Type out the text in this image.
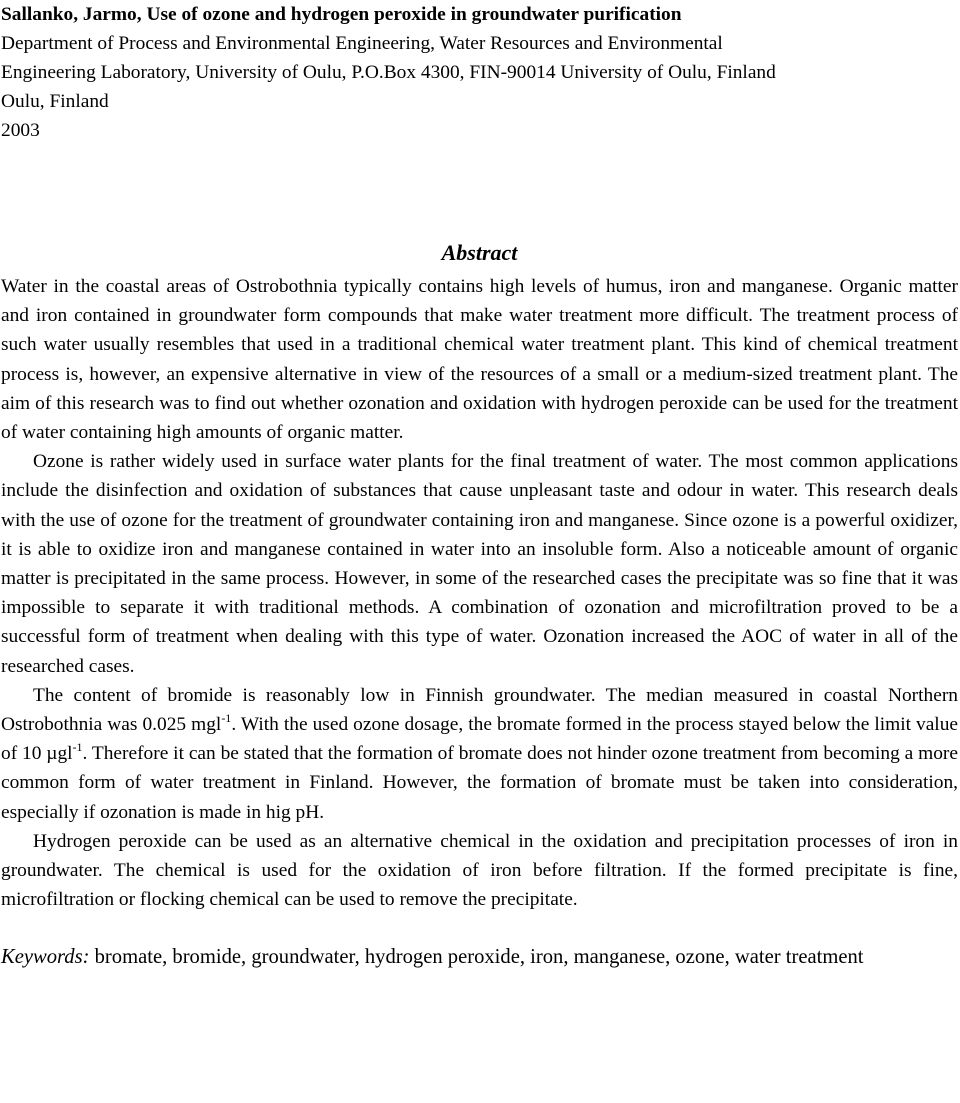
Sallanko, Jarmo, Use of ozone and hydrogen peroxide in groundwater purification
Department of Process and Environmental Engineering, Water Resources and Environmental
Engineering Laboratory, University of Oulu, P.O.Box 4300, FIN-90014 University of Oulu, Finland
Oulu, Finland
2003
Abstract

Water in the coastal areas of Ostrobothnia typically contains high levels of humus, iron and manganese. Organic matter and iron contained in groundwater form compounds that make water treatment more difficult. The treatment process of such water usually resembles that used in a traditional chemical water treatment plant. This kind of chemical treatment process is, however, an expensive alternative in view of the resources of a small or a medium-sized treatment plant. The aim of this research was to find out whether ozonation and oxidation with hydrogen peroxide can be used for the treatment of water containing high amounts of organic matter.

Ozone is rather widely used in surface water plants for the final treatment of water. The most common applications include the disinfection and oxidation of substances that cause unpleasant taste and odour in water. This research deals with the use of ozone for the treatment of groundwater containing iron and manganese. Since ozone is a powerful oxidizer, it is able to oxidize iron and manganese contained in water into an insoluble form. Also a noticeable amount of organic matter is precipitated in the same process. However, in some of the researched cases the precipitate was so fine that it was impossible to separate it with traditional methods. A combination of ozonation and microfiltration proved to be a successful form of treatment when dealing with this type of water. Ozonation increased the AOC of water in all of the researched cases.

The content of bromide is reasonably low in Finnish groundwater. The median measured in coastal Northern Ostrobothnia was 0.025 mgl$^{-1}$. With the used ozone dosage, the bromate formed in the process stayed below the limit value of 10 µgl$^{-1}$. Therefore it can be stated that the formation of bromate does not hinder ozone treatment from becoming a more common form of water treatment in Finland. However, the formation of bromate must be taken into consideration, especially if ozonation is made in hig pH.

Hydrogen peroxide can be used as an alternative chemical in the oxidation and precipitation processes of iron in groundwater. The chemical is used for the oxidation of iron before filtration. If the formed precipitate is fine, microfiltration or flocking chemical can be used to remove the precipitate.

Keywords: bromate, bromide, groundwater, hydrogen peroxide, iron, manganese, ozone, water treatment
